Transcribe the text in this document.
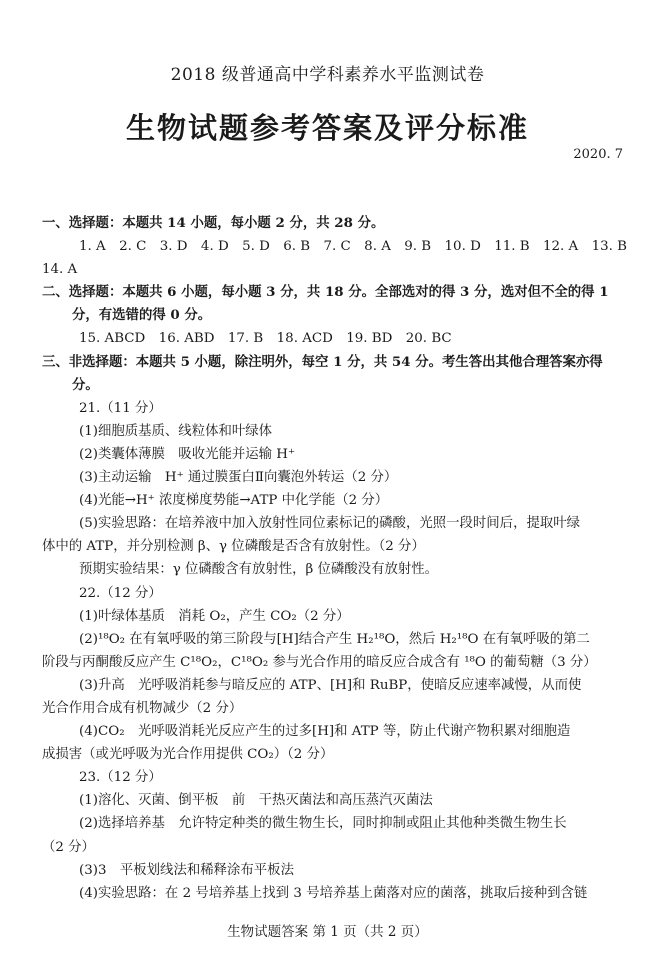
2018 级普通高中学科素养水平监测试卷
生物试题参考答案及评分标准
2020. 7
一、选择题：本题共 14 小题，每小题 2 分，共 28 分。
1. A　2. C　3. D　4. D　5. D　6. B　7. C　8. A　9. B　10. D　11. B　12. A　13. B
14. A
二、选择题：本题共 6 小题，每小题 3 分，共 18 分。全部选对的得 3 分，选对但不全的得 1
分，有选错的得 0 分。
15. ABCD　16. ABD　17. B　18. ACD　19. BD　20. BC
三、非选择题：本题共 5 小题，除注明外，每空 1 分，共 54 分。考生答出其他合理答案亦得
分。
21.（11 分）
(1)细胞质基质、线粒体和叶绿体
(2)类囊体薄膜　吸收光能并运输 H⁺
(3)主动运输　H⁺ 通过膜蛋白Ⅱ向囊泡外转运（2 分）
(4)光能→H⁺ 浓度梯度势能→ATP 中化学能（2 分）
(5)实验思路：在培养液中加入放射性同位素标记的磷酸，光照一段时间后，提取叶绿
体中的 ATP，并分别检测 β、γ 位磷酸是否含有放射性。（2 分）
预期实验结果：γ 位磷酸含有放射性，β 位磷酸没有放射性。
22.（12 分）
(1)叶绿体基质　消耗 O₂，产生 CO₂（2 分）
(2)¹⁸O₂ 在有氧呼吸的第三阶段与[H]结合产生 H₂¹⁸O，然后 H₂¹⁸O 在有氧呼吸的第二
阶段与丙酮酸反应产生 C¹⁸O₂，C¹⁸O₂ 参与光合作用的暗反应合成含有 ¹⁸O 的葡萄糖（3 分）
(3)升高　光呼吸消耗参与暗反应的 ATP、[H]和 RuBP，使暗反应速率减慢，从而使
光合作用合成有机物减少（2 分）
(4)CO₂　光呼吸消耗光反应产生的过多[H]和 ATP 等，防止代谢产物积累对细胞造
成损害（或光呼吸为光合作用提供 CO₂）（2 分）
23.（12 分）
(1)溶化、灭菌、倒平板　前　干热灭菌法和高压蒸汽灭菌法
(2)选择培养基　允许特定种类的微生物生长，同时抑制或阻止其他种类微生物生长
（2 分）
(3)3　平板划线法和稀释涂布平板法
(4)实验思路：在 2 号培养基上找到 3 号培养基上菌落对应的菌落，挑取后接种到含链
生物试题答案 第 1 页（共 2 页）
